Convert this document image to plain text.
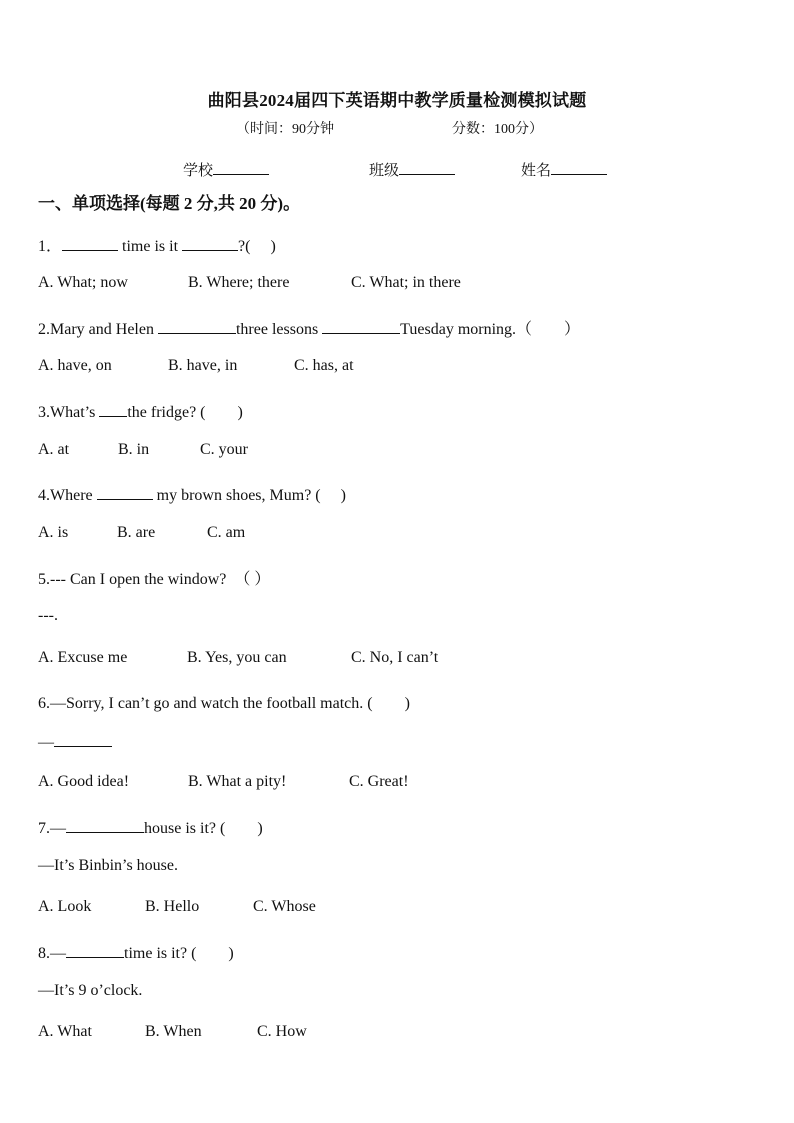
曲阳县2024届四下英语期中教学质量检测模拟试题
（时间：90分钟	分数：100分）
学校	班级	姓名
一、单项选择(每题 2 分,共 20 分)。
1．	time is it	?(　 )
A. What; now	B. Where; there	C. What; in there
2.Mary and Helen	three lessons	Tuesday morning.（　　）
A. have, on	B. have, in	C. has, at
3.What’s the fridge? (　　)
A. at	B. in	C. your
4.Where	my brown shoes, Mum? (　 )
A. is	B. are	C. am
5.--- Can I open the window?　（ ）
---.
A. Excuse me	B. Yes, you can	C. No, I can’t
6.—Sorry, I can’t go and watch the football match. (　　)
—
A. Good idea!	B. What a pity!	C. Great!
7.—	house is it? (　　)
—It’s Binbin’s house.
A. Look	B. Hello	C. Whose
8.—	time is it? (　　)
—It’s 9 o’clock.
A. What	B. When	C. How
